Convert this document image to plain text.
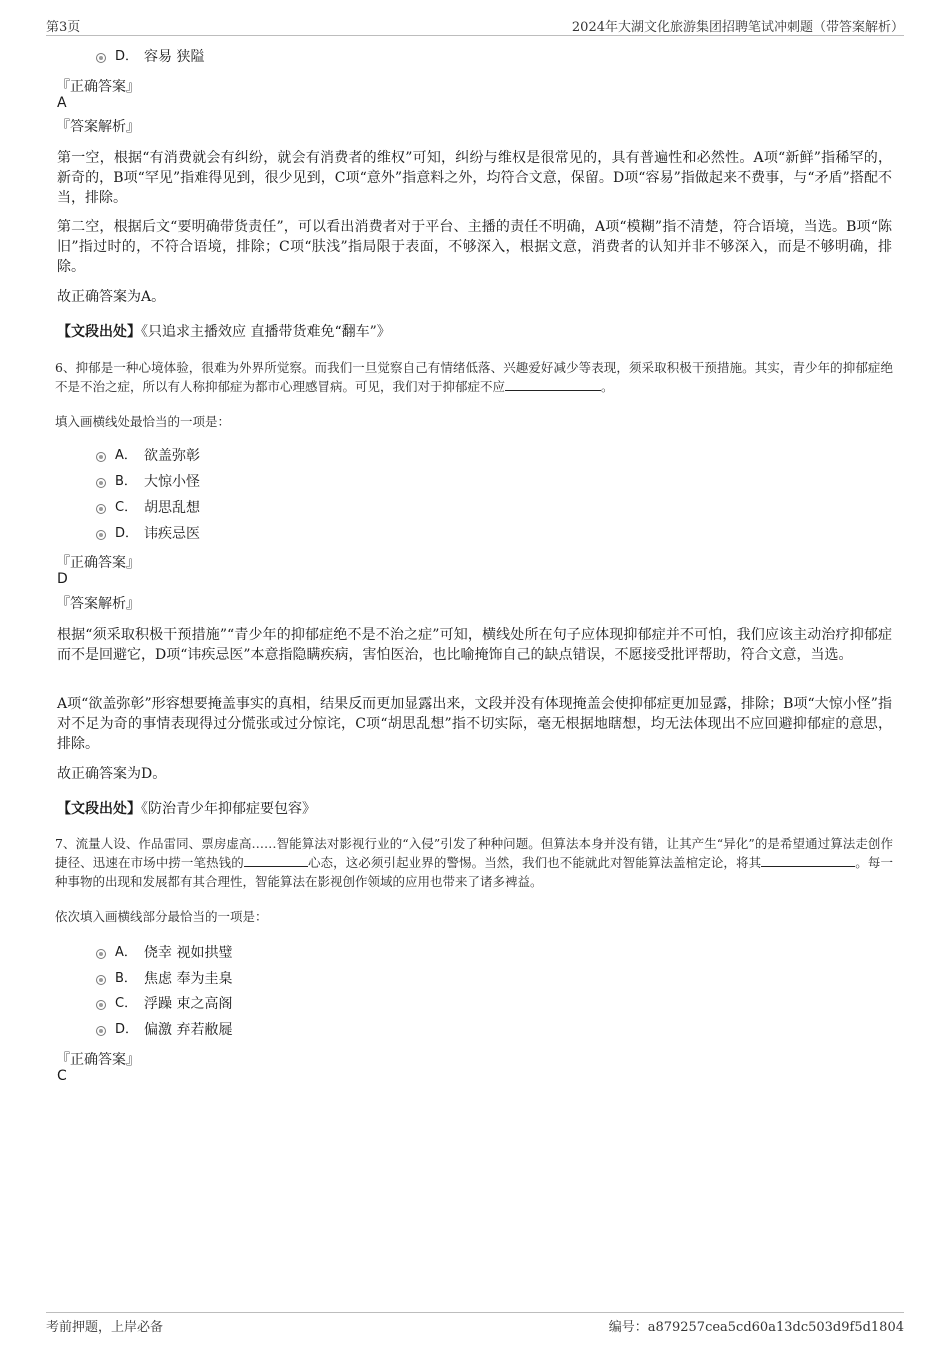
第3页	2024年大湖文化旅游集团招聘笔试冲刺题（带答案解析）
D． 容易 狭隘
『正确答案』
A
『答案解析』
第一空，根据“有消费就会有纠纷，就会有消费者的维权”可知，纠纷与维权是很常见的，具有普遍性和必然性。A项“新鲜”指稀罕的，新奇的，B项“罕见”指难得见到，很少见到，C项“意外”指意料之外，均符合文意，保留。D项“容易”指做起来不费事，与“矛盾”搭配不当，排除。
第二空，根据后文“要明确带货责任”，可以看出消费者对于平台、主播的责任不明确，A项“模糊”指不清楚，符合语境，当选。B项“陈旧”指过时的，不符合语境，排除；C项“肤浅”指局限于表面，不够深入，根据文意，消费者的认知并非不够深入，而是不够明确，排除。
故正确答案为A。
【文段出处】《只追求主播效应 直播带货难免“翻车”》
6、抑郁是一种心境体验，很难为外界所觉察。而我们一旦觉察自己有情绪低落、兴趣爱好减少等表现，须采取积极干预措施。其实，青少年的抑郁症绝不是不治之症，所以有人称抑郁症为都市心理感冒病。可见，我们对于抑郁症不应	。
填入画横线处最恰当的一项是：
A． 欲盖弥彰
B． 大惊小怪
C． 胡思乱想
D． 讳疾忌医
『正确答案』
D
『答案解析』
根据“须采取积极干预措施”“青少年的抑郁症绝不是不治之症”可知，横线处所在句子应体现抑郁症并不可怕，我们应该主动治疗抑郁症而不是回避它，D项“讳疾忌医”本意指隐瞒疾病，害怕医治，也比喻掩饰自己的缺点错误，不愿接受批评帮助，符合文意，当选。
A项“欲盖弥彰”形容想要掩盖事实的真相，结果反而更加显露出来，文段并没有体现掩盖会使抑郁症更加显露，排除；B项“大惊小怪”指对不足为奇的事情表现得过分慌张或过分惊诧，C项“胡思乱想”指不切实际，毫无根据地瞎想，均无法体现出不应回避抑郁症的意思，排除。
故正确答案为D。
【文段出处】《防治青少年抑郁症要包容》
7、流量人设、作品雷同、票房虚高……智能算法对影视行业的“入侵”引发了种种问题。但算法本身并没有错，让其产生“异化”的是希望通过算法走创作捷径、迅速在市场中捞一笔热钱的	心态，这必须引起业界的警惕。当然，我们也不能就此对智能算法盖棺定论，将其	。每一种事物的出现和发展都有其合理性，智能算法在影视创作领域的应用也带来了诸多裨益。
依次填入画横线部分最恰当的一项是：
A． 侥幸 视如拱璧
B． 焦虑 奉为圭臬
C． 浮躁 束之高阁
D． 偏激 弃若敝屣
『正确答案』
C
考前押题，上岸必备	编号：a879257cea5cd60a13dc503d9f5d1804
